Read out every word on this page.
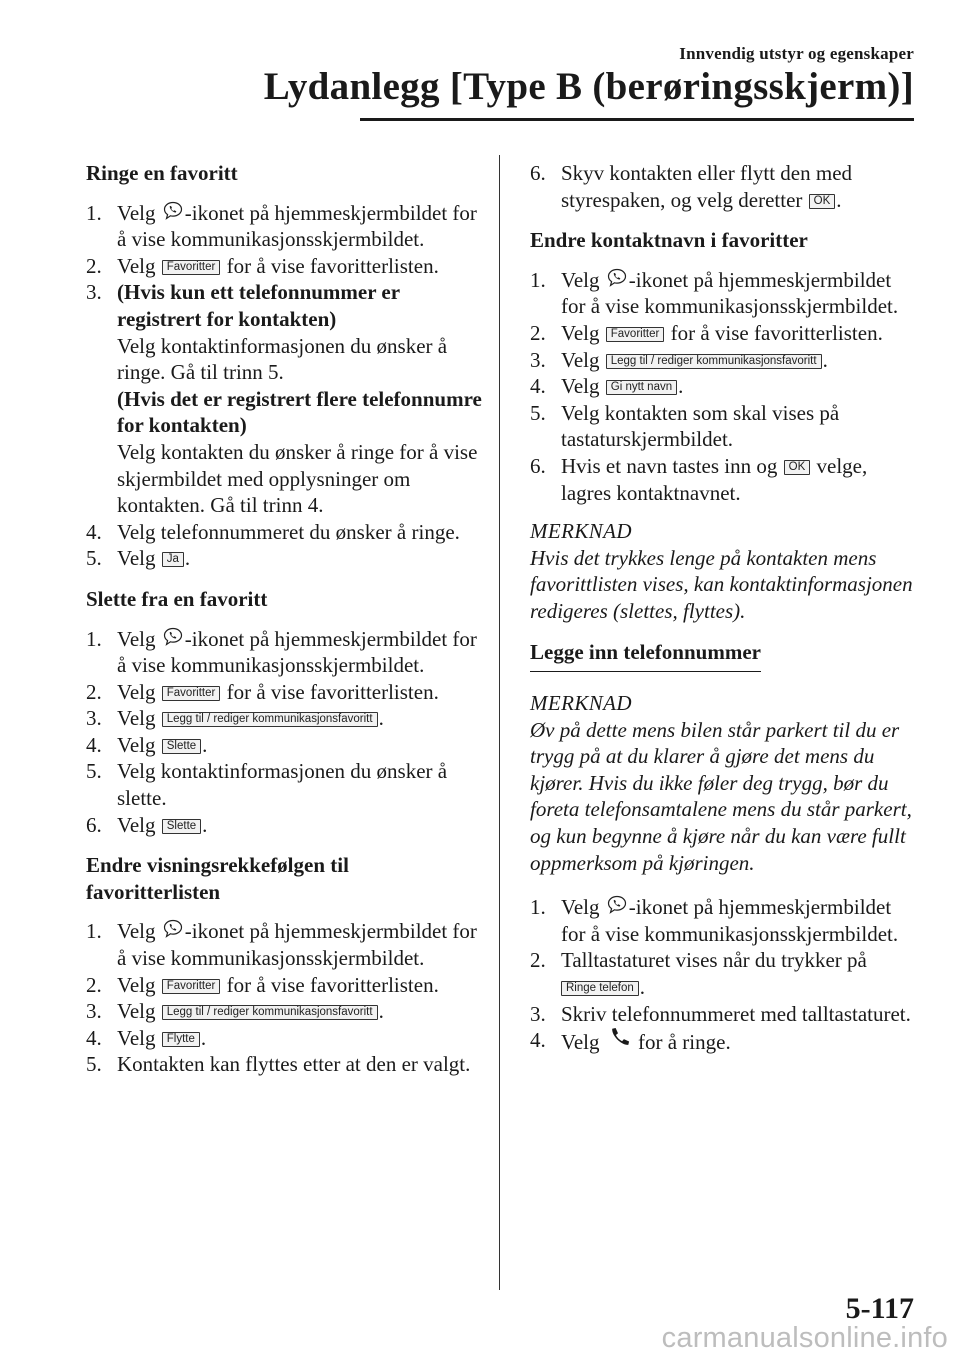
Innvendig utstyr og egenskaper
Lydanlegg [Type B (berøringsskjerm)]
Ringe en favoritt
1. Velg -ikonet på hjemmeskjermbildet for å vise kommunikasjonsskjermbildet.
2. Velg Favoritter for å vise favoritterlisten.
3. (Hvis kun ett telefonnummer er registrert for kontakten)
Velg kontaktinformasjonen du ønsker å ringe. Gå til trinn 5.
(Hvis det er registrert flere telefonnumre for kontakten)
Velg kontakten du ønsker å ringe for å vise skjermbildet med opplysninger om kontakten. Gå til trinn 4.
4. Velg telefonnummeret du ønsker å ringe.
5. Velg Ja .
Slette fra en favoritt
1. Velg -ikonet på hjemmeskjermbildet for å vise kommunikasjonsskjermbildet.
2. Velg Favoritter for å vise favoritterlisten.
3. Velg Legg til / rediger kommunikasjonsfavoritt .
4. Velg Slette .
5. Velg kontaktinformasjonen du ønsker å slette.
6. Velg Slette .
Endre visningsrekkefølgen til favoritterlisten
1. Velg -ikonet på hjemmeskjermbildet for å vise kommunikasjonsskjermbildet.
2. Velg Favoritter for å vise favoritterlisten.
3. Velg Legg til / rediger kommunikasjonsfavoritt .
4. Velg Flytte .
5. Kontakten kan flyttes etter at den er valgt.
6. Skyv kontakten eller flytt den med styrespaken, og velg deretter OK .
Endre kontaktnavn i favoritter
1. Velg -ikonet på hjemmeskjermbildet for å vise kommunikasjonsskjermbildet.
2. Velg Favoritter for å vise favoritterlisten.
3. Velg Legg til / rediger kommunikasjonsfavoritt .
4. Velg Gi nytt navn .
5. Velg kontakten som skal vises på tastaturskjermbildet.
6. Hvis et navn tastes inn og OK velge, lagres kontaktnavnet.
MERKNAD
Hvis det trykkes lenge på kontakten mens favorittlisten vises, kan kontaktinformasjonen redigeres (slettes, flyttes).
Legge inn telefonnummer
MERKNAD
Øv på dette mens bilen står parkert til du er trygg på at du klarer å gjøre det mens du kjører. Hvis du ikke føler deg trygg, bør du foreta telefonsamtalene mens du står parkert, og kun begynne å kjøre når du kan være fullt oppmerksom på kjøringen.
1. Velg -ikonet på hjemmeskjermbildet for å vise kommunikasjonsskjermbildet.
2. Talltastaturet vises når du trykker på
Ringe telefon .
3. Skriv telefonnummeret med talltastaturet.
4. Velg for å ringe.
5-117
carmanualsonline.info
